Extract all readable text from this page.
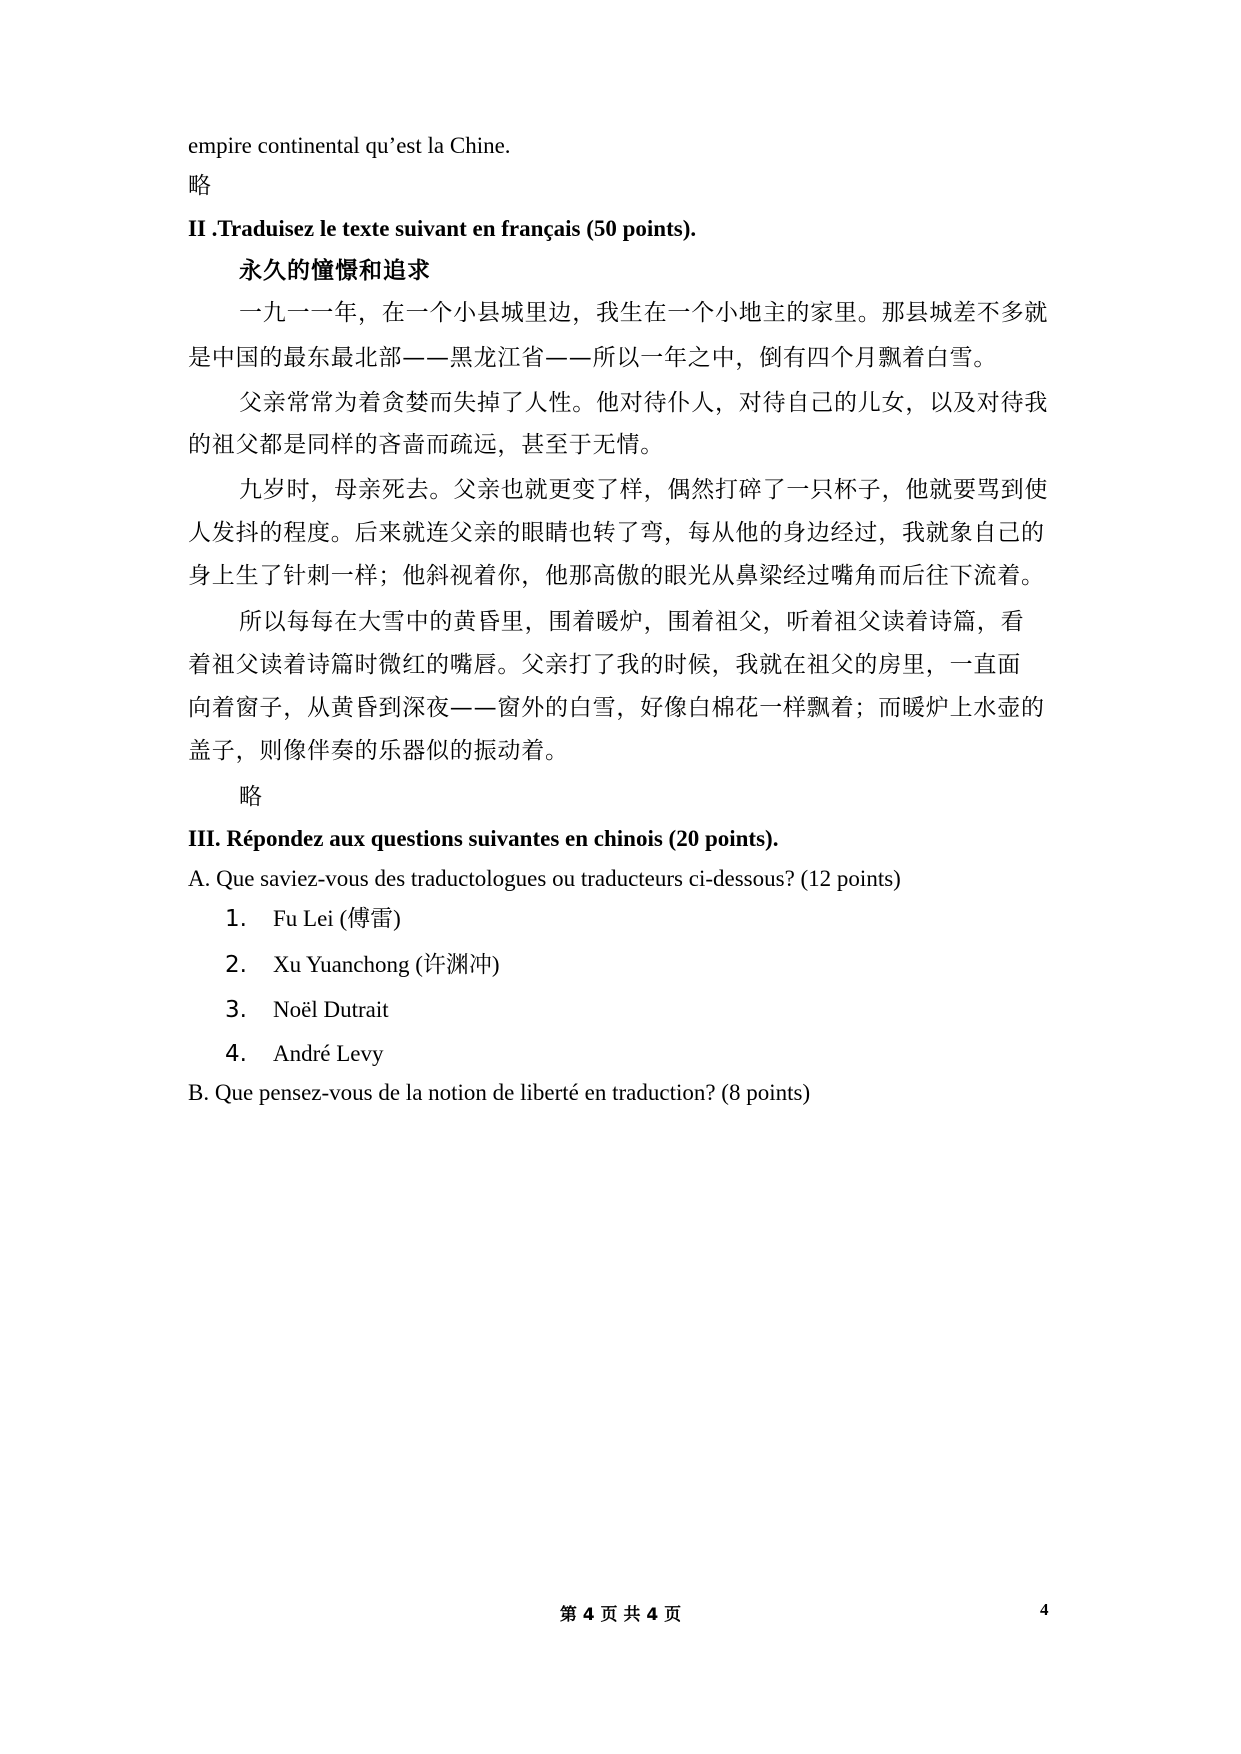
empire continental qu’est la Chine.
略
II .Traduisez le texte suivant en français (50 points).
永久的憧憬和追求
一九一一年，在一个小县城里边，我生在一个小地主的家里。那县城差不多就
是中国的最东最北部——黑龙江省——所以一年之中，倒有四个月飘着白雪。
父亲常常为着贪婪而失掉了人性。他对待仆人，对待自己的儿女，以及对待我
的祖父都是同样的吝啬而疏远，甚至于无情。
九岁时，母亲死去。父亲也就更变了样，偶然打碎了一只杯子，他就要骂到使
人发抖的程度。后来就连父亲的眼睛也转了弯，每从他的身边经过，我就象自己的
身上生了针刺一样；他斜视着你，他那高傲的眼光从鼻梁经过嘴角而后往下流着。
所以每每在大雪中的黄昏里，围着暖炉，围着祖父，听着祖父读着诗篇，看
着祖父读着诗篇时微红的嘴唇。父亲打了我的时候，我就在祖父的房里，一直面
向着窗子，从黄昏到深夜——窗外的白雪，好像白棉花一样飘着；而暖炉上水壶的
盖子，则像伴奏的乐器似的振动着。
略
III. Répondez aux questions suivantes en chinois (20 points).
A. Que saviez-vous des traductologues ou traducteurs ci-dessous? (12 points)
1. Fu Lei (傅雷)
2. Xu Yuanchong (许渊冲)
3. Noël Dutrait
4. André Levy
B. Que pensez-vous de la notion de liberté en traduction? (8 points)
第 4 页 共 4 页	4
